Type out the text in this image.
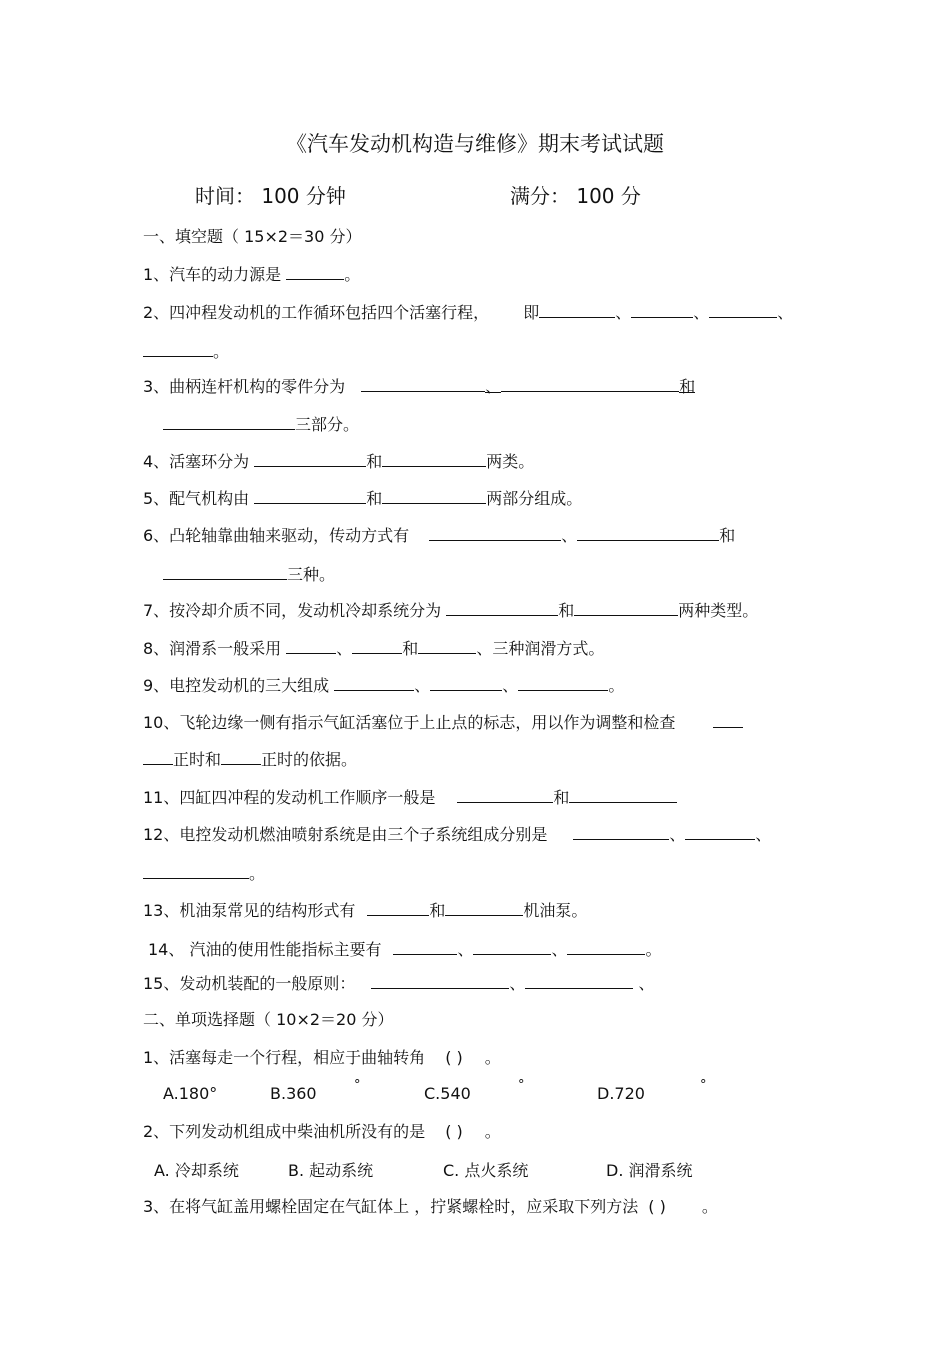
《汽车发动机构造与维修》期末考试试题
时间： 100 分钟	满分： 100 分
一、填空题（ 15×2＝30 分）
1、汽车的动力源是	。
2、四冲程发动机的工作循环包括四个活塞行程， 即	、	、	、
。
3、曲柄连杆机构的零件分为	、	和
三部分。
4、活塞环分为	和	两类。
5、配气机构由	和	两部分组成。
6、凸轮轴靠曲轴来驱动，传动方式有	、	和
三种。
7、按冷却介质不同，发动机冷却系统分为	和	两种类型。
8、润滑系一般采用	、	和	、三种润滑方式。
9、电控发动机的三大组成	、	、	。
10、飞轮边缘一侧有指示气缸活塞位于上止点的标志，用以作为调整和检查
正时和	正时的依据。
11、四缸四冲程的发动机工作顺序一般是	和
12、电控发动机燃油喷射系统是由三个子系统组成分别是	、	、
。
13、机油泵常见的结构形式有	和	机油泵。
14、 汽油的使用性能指标主要有	、	、	。
15、发动机装配的一般原则：	、	、
二、单项选择题（ 10×2＝20 分）
1、活塞每走一个行程，相应于曲轴转角 ( ) 。
A.180°	B.360	°	C.540	°	D.720	°
2、下列发动机组成中柴油机所没有的是 ( ) 。
A. 冷却系统	B. 起动系统	C. 点火系统	D. 润滑系统
3、在将气缸盖用螺栓固定在气缸体上 ，拧紧螺栓时，应采取下列方法 ( ) 。
